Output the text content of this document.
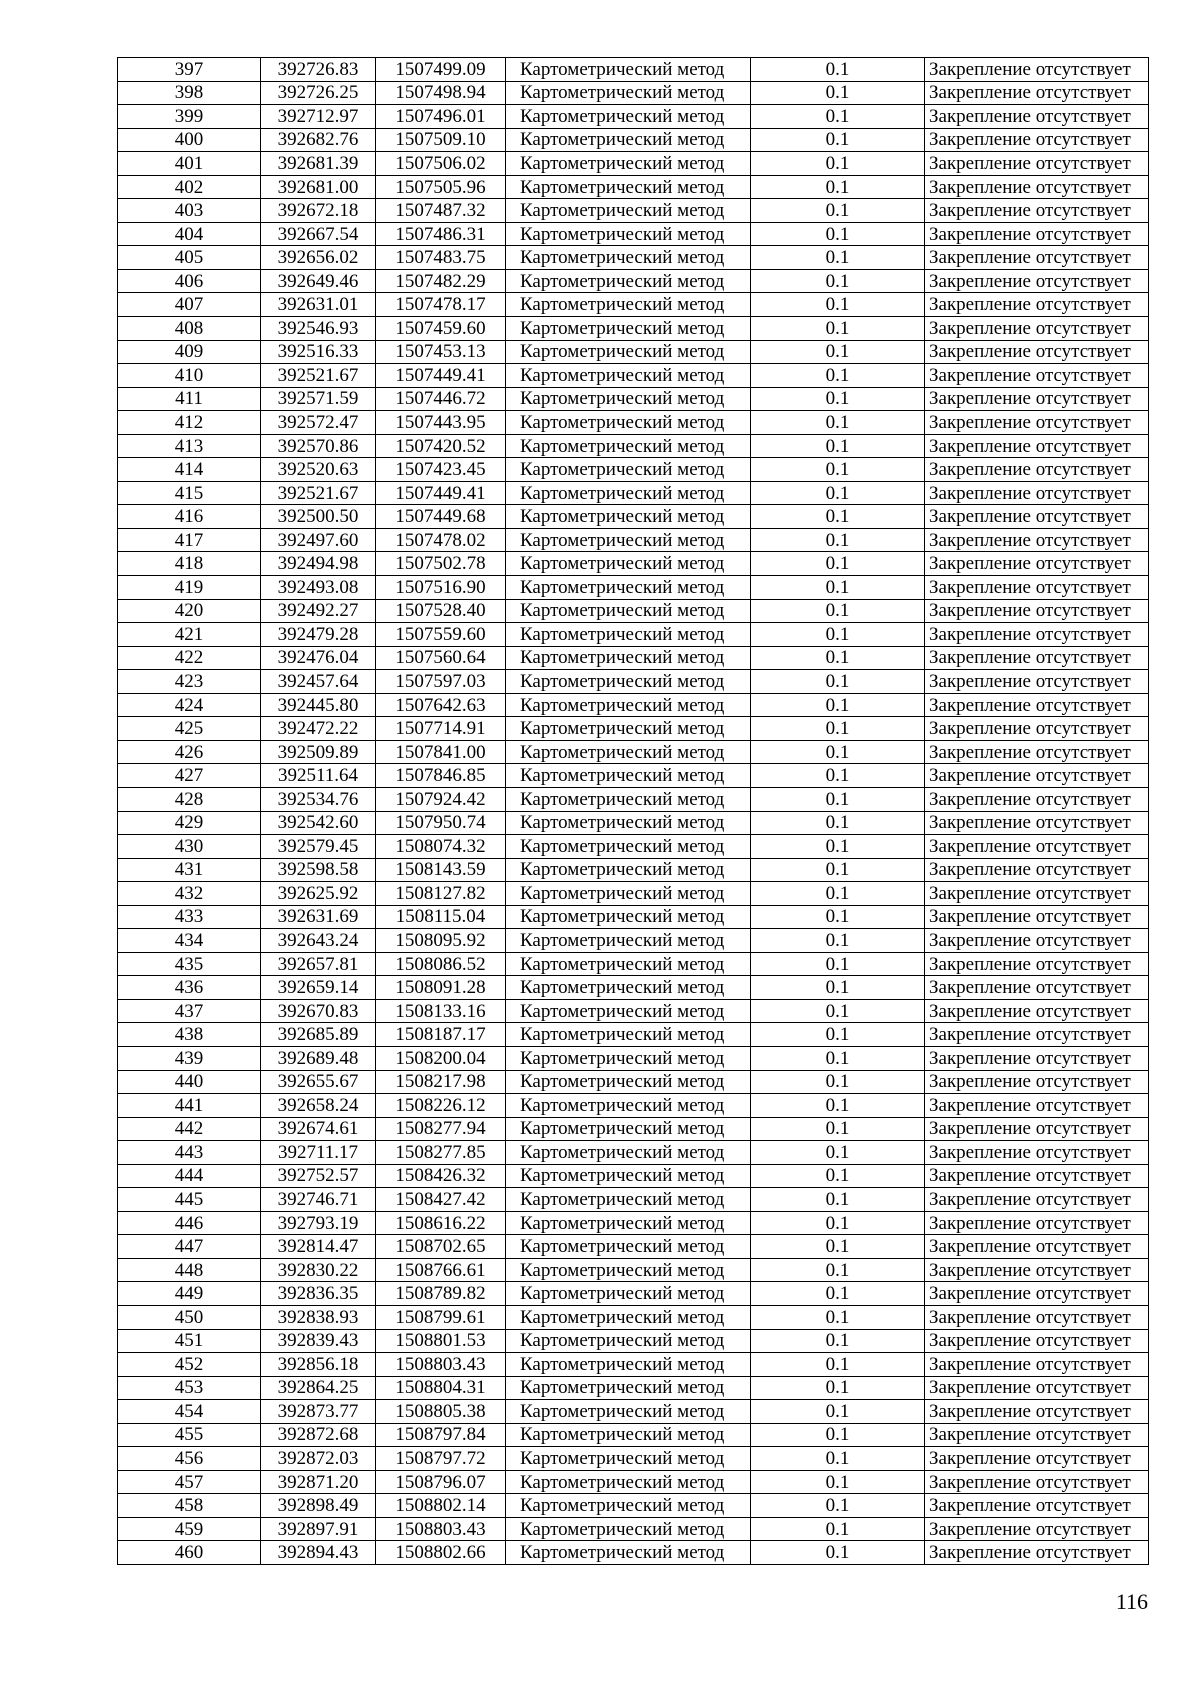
397	392726.83	1507499.09	Картометрический метод	0.1	Закрепление отсутствует
398	392726.25	1507498.94	Картометрический метод	0.1	Закрепление отсутствует
399	392712.97	1507496.01	Картометрический метод	0.1	Закрепление отсутствует
400	392682.76	1507509.10	Картометрический метод	0.1	Закрепление отсутствует
401	392681.39	1507506.02	Картометрический метод	0.1	Закрепление отсутствует
402	392681.00	1507505.96	Картометрический метод	0.1	Закрепление отсутствует
403	392672.18	1507487.32	Картометрический метод	0.1	Закрепление отсутствует
404	392667.54	1507486.31	Картометрический метод	0.1	Закрепление отсутствует
405	392656.02	1507483.75	Картометрический метод	0.1	Закрепление отсутствует
406	392649.46	1507482.29	Картометрический метод	0.1	Закрепление отсутствует
407	392631.01	1507478.17	Картометрический метод	0.1	Закрепление отсутствует
408	392546.93	1507459.60	Картометрический метод	0.1	Закрепление отсутствует
409	392516.33	1507453.13	Картометрический метод	0.1	Закрепление отсутствует
410	392521.67	1507449.41	Картометрический метод	0.1	Закрепление отсутствует
411	392571.59	1507446.72	Картометрический метод	0.1	Закрепление отсутствует
412	392572.47	1507443.95	Картометрический метод	0.1	Закрепление отсутствует
413	392570.86	1507420.52	Картометрический метод	0.1	Закрепление отсутствует
414	392520.63	1507423.45	Картометрический метод	0.1	Закрепление отсутствует
415	392521.67	1507449.41	Картометрический метод	0.1	Закрепление отсутствует
416	392500.50	1507449.68	Картометрический метод	0.1	Закрепление отсутствует
417	392497.60	1507478.02	Картометрический метод	0.1	Закрепление отсутствует
418	392494.98	1507502.78	Картометрический метод	0.1	Закрепление отсутствует
419	392493.08	1507516.90	Картометрический метод	0.1	Закрепление отсутствует
420	392492.27	1507528.40	Картометрический метод	0.1	Закрепление отсутствует
421	392479.28	1507559.60	Картометрический метод	0.1	Закрепление отсутствует
422	392476.04	1507560.64	Картометрический метод	0.1	Закрепление отсутствует
423	392457.64	1507597.03	Картометрический метод	0.1	Закрепление отсутствует
424	392445.80	1507642.63	Картометрический метод	0.1	Закрепление отсутствует
425	392472.22	1507714.91	Картометрический метод	0.1	Закрепление отсутствует
426	392509.89	1507841.00	Картометрический метод	0.1	Закрепление отсутствует
427	392511.64	1507846.85	Картометрический метод	0.1	Закрепление отсутствует
428	392534.76	1507924.42	Картометрический метод	0.1	Закрепление отсутствует
429	392542.60	1507950.74	Картометрический метод	0.1	Закрепление отсутствует
430	392579.45	1508074.32	Картометрический метод	0.1	Закрепление отсутствует
431	392598.58	1508143.59	Картометрический метод	0.1	Закрепление отсутствует
432	392625.92	1508127.82	Картометрический метод	0.1	Закрепление отсутствует
433	392631.69	1508115.04	Картометрический метод	0.1	Закрепление отсутствует
434	392643.24	1508095.92	Картометрический метод	0.1	Закрепление отсутствует
435	392657.81	1508086.52	Картометрический метод	0.1	Закрепление отсутствует
436	392659.14	1508091.28	Картометрический метод	0.1	Закрепление отсутствует
437	392670.83	1508133.16	Картометрический метод	0.1	Закрепление отсутствует
438	392685.89	1508187.17	Картометрический метод	0.1	Закрепление отсутствует
439	392689.48	1508200.04	Картометрический метод	0.1	Закрепление отсутствует
440	392655.67	1508217.98	Картометрический метод	0.1	Закрепление отсутствует
441	392658.24	1508226.12	Картометрический метод	0.1	Закрепление отсутствует
442	392674.61	1508277.94	Картометрический метод	0.1	Закрепление отсутствует
443	392711.17	1508277.85	Картометрический метод	0.1	Закрепление отсутствует
444	392752.57	1508426.32	Картометрический метод	0.1	Закрепление отсутствует
445	392746.71	1508427.42	Картометрический метод	0.1	Закрепление отсутствует
446	392793.19	1508616.22	Картометрический метод	0.1	Закрепление отсутствует
447	392814.47	1508702.65	Картометрический метод	0.1	Закрепление отсутствует
448	392830.22	1508766.61	Картометрический метод	0.1	Закрепление отсутствует
449	392836.35	1508789.82	Картометрический метод	0.1	Закрепление отсутствует
450	392838.93	1508799.61	Картометрический метод	0.1	Закрепление отсутствует
451	392839.43	1508801.53	Картометрический метод	0.1	Закрепление отсутствует
452	392856.18	1508803.43	Картометрический метод	0.1	Закрепление отсутствует
453	392864.25	1508804.31	Картометрический метод	0.1	Закрепление отсутствует
454	392873.77	1508805.38	Картометрический метод	0.1	Закрепление отсутствует
455	392872.68	1508797.84	Картометрический метод	0.1	Закрепление отсутствует
456	392872.03	1508797.72	Картометрический метод	0.1	Закрепление отсутствует
457	392871.20	1508796.07	Картометрический метод	0.1	Закрепление отсутствует
458	392898.49	1508802.14	Картометрический метод	0.1	Закрепление отсутствует
459	392897.91	1508803.43	Картометрический метод	0.1	Закрепление отсутствует
460	392894.43	1508802.66	Картометрический метод	0.1	Закрепление отсутствует
116
